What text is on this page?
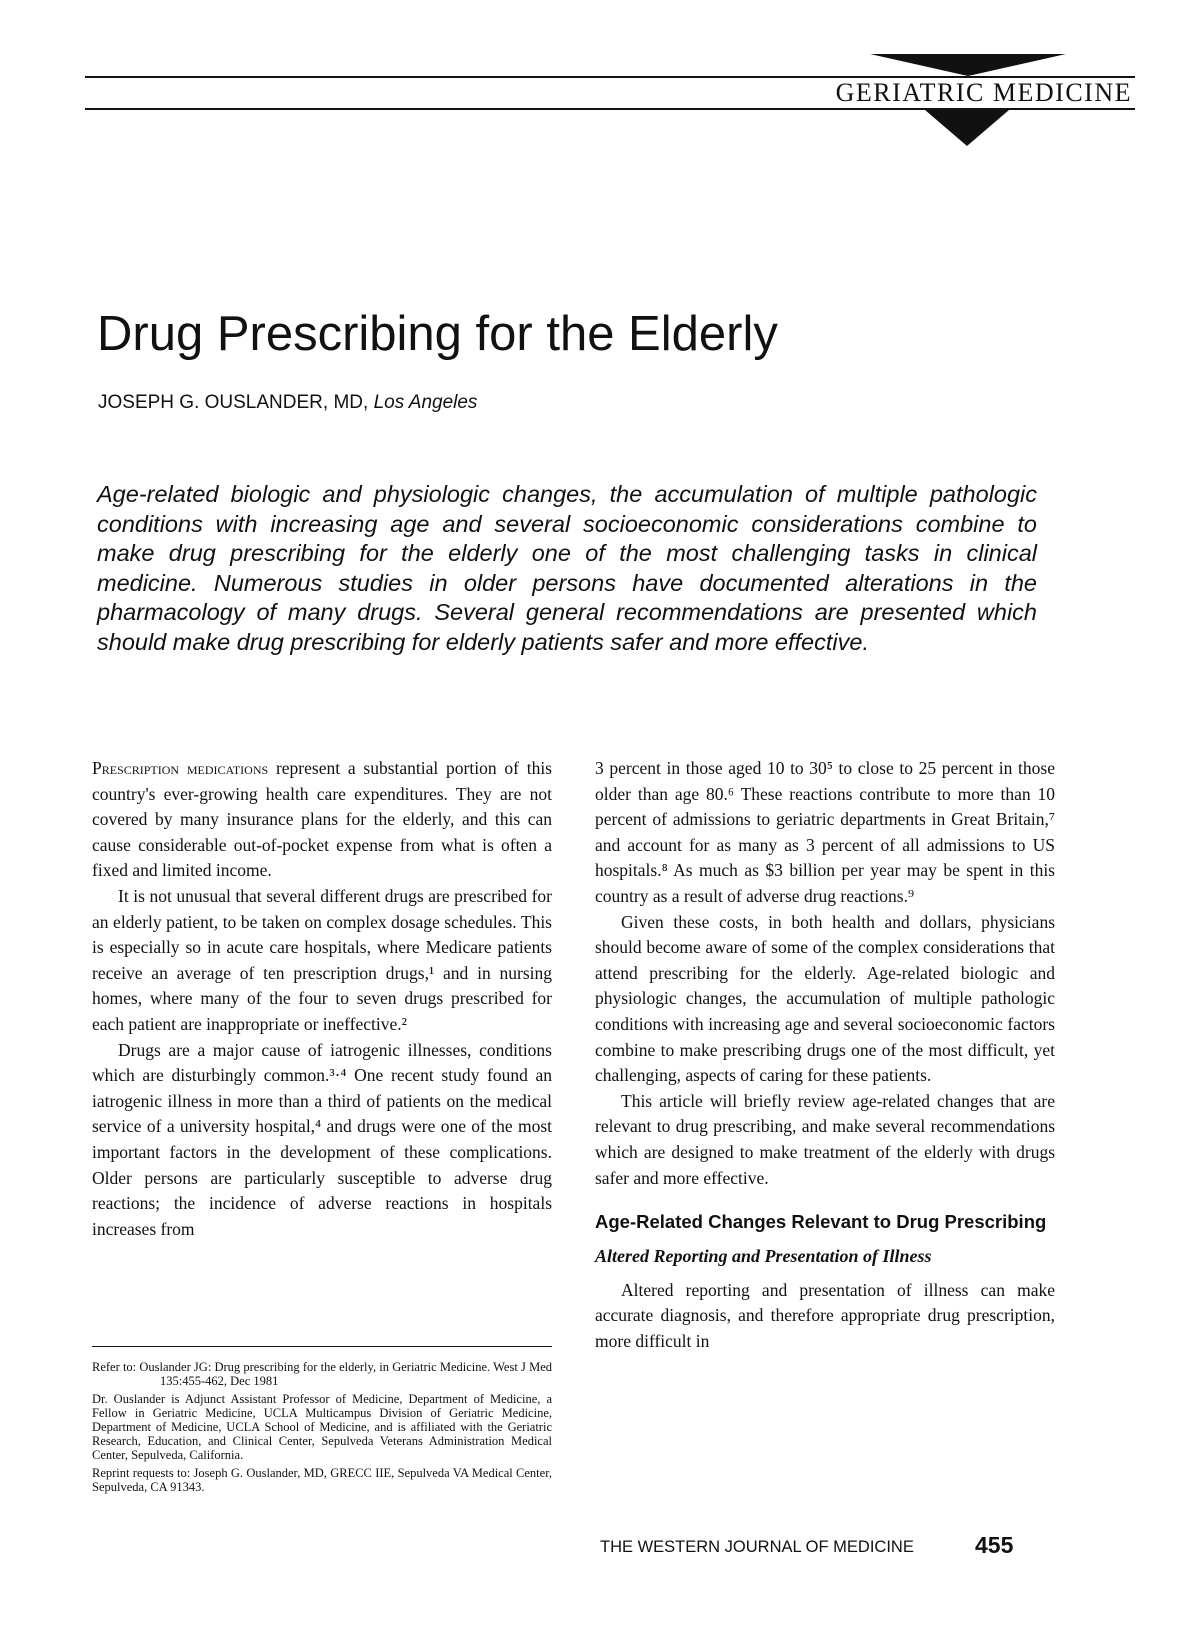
GERIATRIC MEDICINE
Drug Prescribing for the Elderly
JOSEPH G. OUSLANDER, MD, Los Angeles

Age-related biologic and physiologic changes, the accumulation of multiple pathologic conditions with increasing age and several socioeconomic considerations combine to make drug prescribing for the elderly one of the most challenging tasks in clinical medicine. Numerous studies in older persons have documented alterations in the pharmacology of many drugs. Several general recommendations are presented which should make drug prescribing for elderly patients safer and more effective.

Prescription medications represent a substantial portion of this country's ever-growing health care expenditures. They are not covered by many insurance plans for the elderly, and this can cause considerable out-of-pocket expense from what is often a fixed and limited income.

It is not unusual that several different drugs are prescribed for an elderly patient, to be taken on complex dosage schedules. This is especially so in acute care hospitals, where Medicare patients receive an average of ten prescription drugs,¹ and in nursing homes, where many of the four to seven drugs prescribed for each patient are inappropriate or ineffective.²

Drugs are a major cause of iatrogenic illnesses, conditions which are disturbingly common.³·⁴ One recent study found an iatrogenic illness in more than a third of patients on the medical service of a university hospital,⁴ and drugs were one of the most important factors in the development of these complications. Older persons are particularly susceptible to adverse drug reactions; the incidence of adverse reactions in hospitals increases from

Refer to: Ouslander JG: Drug prescribing for the elderly, in Geriatric Medicine. West J Med 135:455-462, Dec 1981

Dr. Ouslander is Adjunct Assistant Professor of Medicine, Department of Medicine, a Fellow in Geriatric Medicine, UCLA Multicampus Division of Geriatric Medicine, Department of Medicine, UCLA School of Medicine, and is affiliated with the Geriatric Research, Education, and Clinical Center, Sepulveda Veterans Administration Medical Center, Sepulveda, California.

Reprint requests to: Joseph G. Ouslander, MD, GRECC IIE, Sepulveda VA Medical Center, Sepulveda, CA 91343.

3 percent in those aged 10 to 30⁵ to close to 25 percent in those older than age 80.⁶ These reactions contribute to more than 10 percent of admissions to geriatric departments in Great Britain,⁷ and account for as many as 3 percent of all admissions to US hospitals.⁸ As much as $3 billion per year may be spent in this country as a result of adverse drug reactions.⁹

Given these costs, in both health and dollars, physicians should become aware of some of the complex considerations that attend prescribing for the elderly. Age-related biologic and physiologic changes, the accumulation of multiple pathologic conditions with increasing age and several socioeconomic factors combine to make prescribing drugs one of the most difficult, yet challenging, aspects of caring for these patients.

This article will briefly review age-related changes that are relevant to drug prescribing, and make several recommendations which are designed to make treatment of the elderly with drugs safer and more effective.

Age-Related Changes Relevant to Drug Prescribing
Altered Reporting and Presentation of Illness

Altered reporting and presentation of illness can make accurate diagnosis, and therefore appropriate drug prescription, more difficult in

THE WESTERN JOURNAL OF MEDICINE	455
